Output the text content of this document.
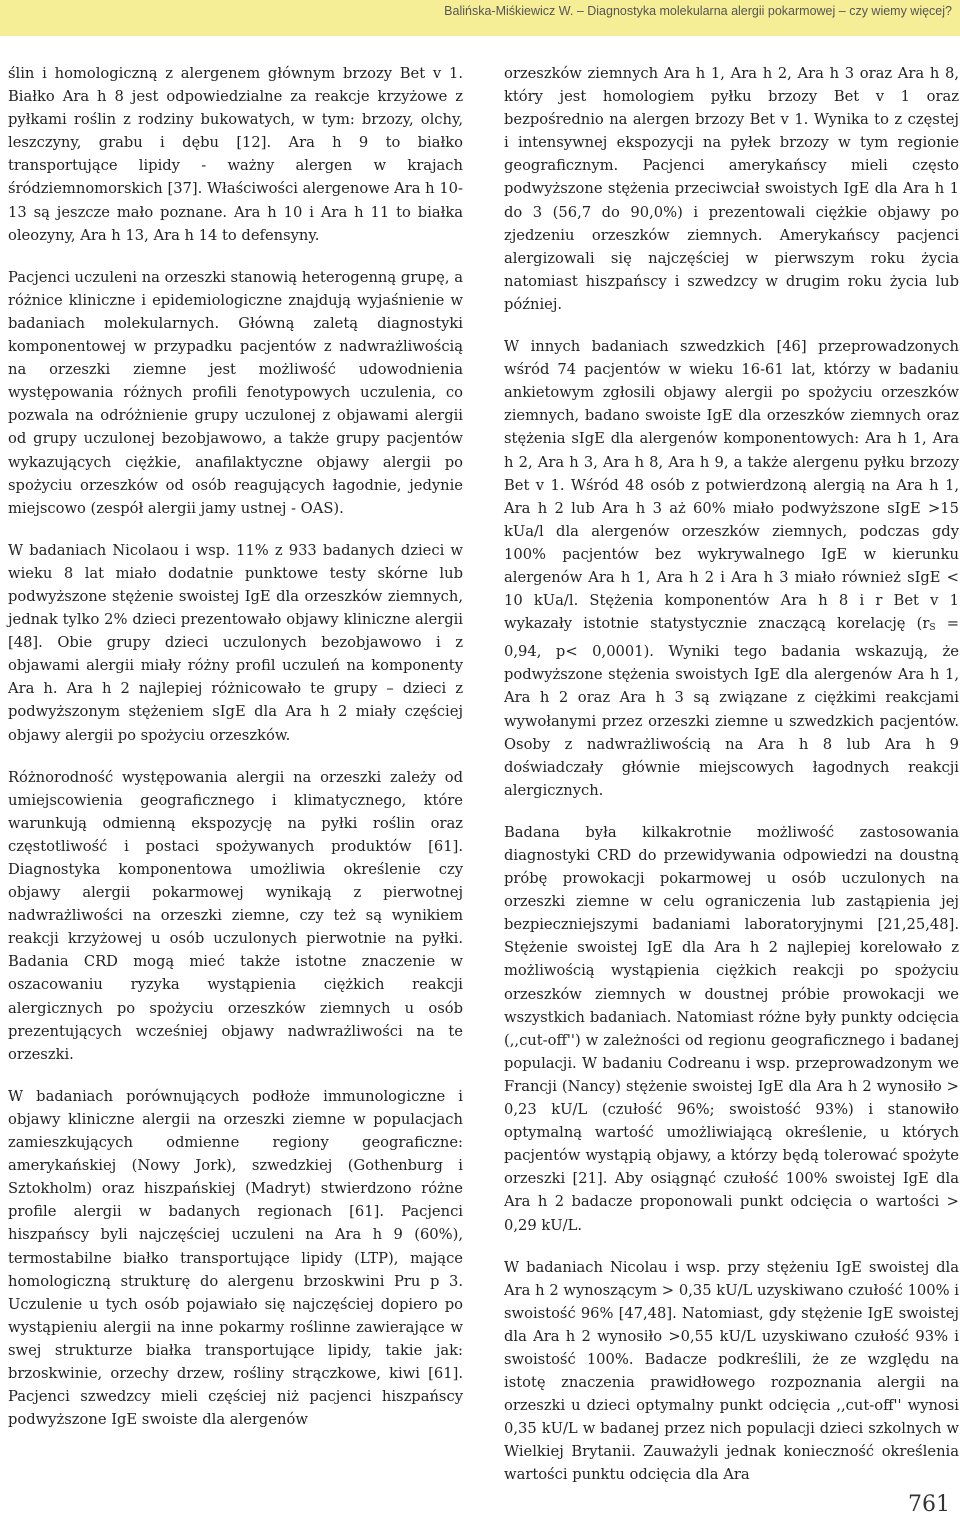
Balińska-Miśkiewicz W. – Diagnostyka molekularna alergii pokarmowej – czy wiemy więcej?

ślin i homologiczną z alergenem głównym brzozy Bet v 1. Białko Ara h 8 jest odpowiedzialne za reakcje krzyżowe z pyłkami roślin z rodziny bukowatych, w tym: brzozy, olchy, leszczyny, grabu i dębu [12]. Ara h 9 to białko transportujące lipidy - ważny alergen w krajach śródziemnomorskich [37]. Właściwości alergenowe Ara h 10-13 są jeszcze mało poznane. Ara h 10 i Ara h 11 to białka oleozyny, Ara h 13, Ara h 14 to defensyny.

Pacjenci uczuleni na orzeszki stanowią heterogenną grupę, a różnice kliniczne i epidemiologiczne znajdują wyjaśnienie w badaniach molekularnych. Główną zaletą diagnostyki komponentowej w przypadku pacjentów z nadwrażliwością na orzeszki ziemne jest możliwość udowodnienia występowania różnych profili fenotypowych uczulenia, co pozwala na odróżnienie grupy uczulonej z objawami alergii od grupy uczulonej bezobjawowo, a także grupy pacjentów wykazujących ciężkie, anafilaktyczne objawy alergii po spożyciu orzeszków od osób reagujących łagodnie, jedynie miejscowo (zespół alergii jamy ustnej - OAS).

W badaniach Nicolaou i wsp. 11% z 933 badanych dzieci w wieku 8 lat miało dodatnie punktowe testy skórne lub podwyższone stężenie swoistej IgE dla orzeszków ziemnych, jednak tylko 2% dzieci prezentowało objawy kliniczne alergii [48]. Obie grupy dzieci uczulonych bezobjawowo i z objawami alergii miały różny profil uczuleń na komponenty Ara h. Ara h 2 najlepiej różnicowało te grupy – dzieci z podwyższonym stężeniem sIgE dla Ara h 2 miały częściej objawy alergii po spożyciu orzeszków.

Różnorodność występowania alergii na orzeszki zależy od umiejscowienia geograficznego i klimatycznego, które warunkują odmienną ekspozycję na pyłki roślin oraz częstotliwość i postaci spożywanych produktów [61]. Diagnostyka komponentowa umożliwia określenie czy objawy alergii pokarmowej wynikają z pierwotnej nadwrażliwości na orzeszki ziemne, czy też są wynikiem reakcji krzyżowej u osób uczulonych pierwotnie na pyłki. Badania CRD mogą mieć także istotne znaczenie w oszacowaniu ryzyka wystąpienia ciężkich reakcji alergicznych po spożyciu orzeszków ziemnych u osób prezentujących wcześniej objawy nadwrażliwości na te orzeszki.

W badaniach porównujących podłoże immunologiczne i objawy kliniczne alergii na orzeszki ziemne w populacjach zamieszkujących odmienne regiony geograficzne: amerykańskiej (Nowy Jork), szwedzkiej (Gothenburg i Sztokholm) oraz hiszpańskiej (Madryt) stwierdzono różne profile alergii w badanych regionach [61]. Pacjenci hiszpańscy byli najczęściej uczuleni na Ara h 9 (60%), termostabilne białko transportujące lipidy (LTP), mające homologiczną strukturę do alergenu brzoskwini Pru p 3. Uczulenie u tych osób pojawiało się najczęściej dopiero po wystąpieniu alergii na inne pokarmy roślinne zawierające w swej strukturze białka transportujące lipidy, takie jak: brzoskwinie, orzechy drzew, rośliny strączkowe, kiwi [61]. Pacjenci szwedzcy mieli częściej niż pacjenci hiszpańscy podwyższone IgE swoiste dla alergenów

orzeszków ziemnych Ara h 1, Ara h 2, Ara h 3 oraz Ara h 8, który jest homologiem pyłku brzozy Bet v 1 oraz bezpośrednio na alergen brzozy Bet v 1. Wynika to z częstej i intensywnej ekspozycji na pyłek brzozy w tym regionie geograficznym. Pacjenci amerykańscy mieli często podwyższone stężenia przeciwciał swoistych IgE dla Ara h 1 do 3 (56,7 do 90,0%) i prezentowali ciężkie objawy po zjedzeniu orzeszków ziemnych. Amerykańscy pacjenci alergizowali się najczęściej w pierwszym roku życia natomiast hiszpańscy i szwedzcy w drugim roku życia lub później.

W innych badaniach szwedzkich [46] przeprowadzonych wśród 74 pacjentów w wieku 16-61 lat, którzy w badaniu ankietowym zgłosili objawy alergii po spożyciu orzeszków ziemnych, badano swoiste IgE dla orzeszków ziemnych oraz stężenia sIgE dla alergenów komponentowych: Ara h 1, Ara h 2, Ara h 3, Ara h 8, Ara h 9, a także alergenu pyłku brzozy Bet v 1. Wśród 48 osób z potwierdzoną alergią na Ara h 1, Ara h 2 lub Ara h 3 aż 60% miało podwyższone sIgE >15 kUa/l dla alergenów orzeszków ziemnych, podczas gdy 100% pacjentów bez wykrywalnego IgE w kierunku alergenów Ara h 1, Ara h 2 i Ara h 3 miało również sIgE < 10 kUa/l. Stężenia komponentów Ara h 8 i r Bet v 1 wykazały istotnie statystycznie znaczącą korelację ($r_S = 0,94$, p< 0,0001). Wyniki tego badania wskazują, że podwyższone stężenia swoistych IgE dla alergenów Ara h 1, Ara h 2 oraz Ara h 3 są związane z ciężkimi reakcjami wywołanymi przez orzeszki ziemne u szwedzkich pacjentów. Osoby z nadwrażliwością na Ara h 8 lub Ara h 9 doświadczały głównie miejscowych łagodnych reakcji alergicznych.

Badana była kilkakrotnie możliwość zastosowania diagnostyki CRD do przewidywania odpowiedzi na doustną próbę prowokacji pokarmowej u osób uczulonych na orzeszki ziemne w celu ograniczenia lub zastąpienia jej bezpieczniejszymi badaniami laboratoryjnymi [21,25,48]. Stężenie swoistej IgE dla Ara h 2 najlepiej korelowało z możliwością wystąpienia ciężkich reakcji po spożyciu orzeszków ziemnych w doustnej próbie prowokacji we wszystkich badaniach. Natomiast różne były punkty odcięcia (,,cut-off'') w zależności od regionu geograficznego i badanej populacji. W badaniu Codreanu i wsp. przeprowadzonym we Francji (Nancy) stężenie swoistej IgE dla Ara h 2 wynosiło > 0,23 kU/L (czułość 96%; swoistość 93%) i stanowiło optymalną wartość umożliwiającą określenie, u których pacjentów wystąpią objawy, a którzy będą tolerować spożyte orzeszki [21]. Aby osiągnąć czułość 100% swoistej IgE dla Ara h 2 badacze proponowali punkt odcięcia o wartości > 0,29 kU/L.

W badaniach Nicolau i wsp. przy stężeniu IgE swoistej dla Ara h 2 wynoszącym > 0,35 kU/L uzyskiwano czułość 100% i swoistość 96% [47,48]. Natomiast, gdy stężenie IgE swoistej dla Ara h 2 wynosiło >0,55 kU/L uzyskiwano czułość 93% i swoistość 100%. Badacze podkreślili, że ze względu na istotę znaczenia prawidłowego rozpoznania alergii na orzeszki u dzieci optymalny punkt odcięcia ,,cut-off'' wynosi 0,35 kU/L w badanej przez nich populacji dzieci szkolnych w Wielkiej Brytanii. Zauważyli jednak konieczność określenia wartości punktu odcięcia dla Ara

761
